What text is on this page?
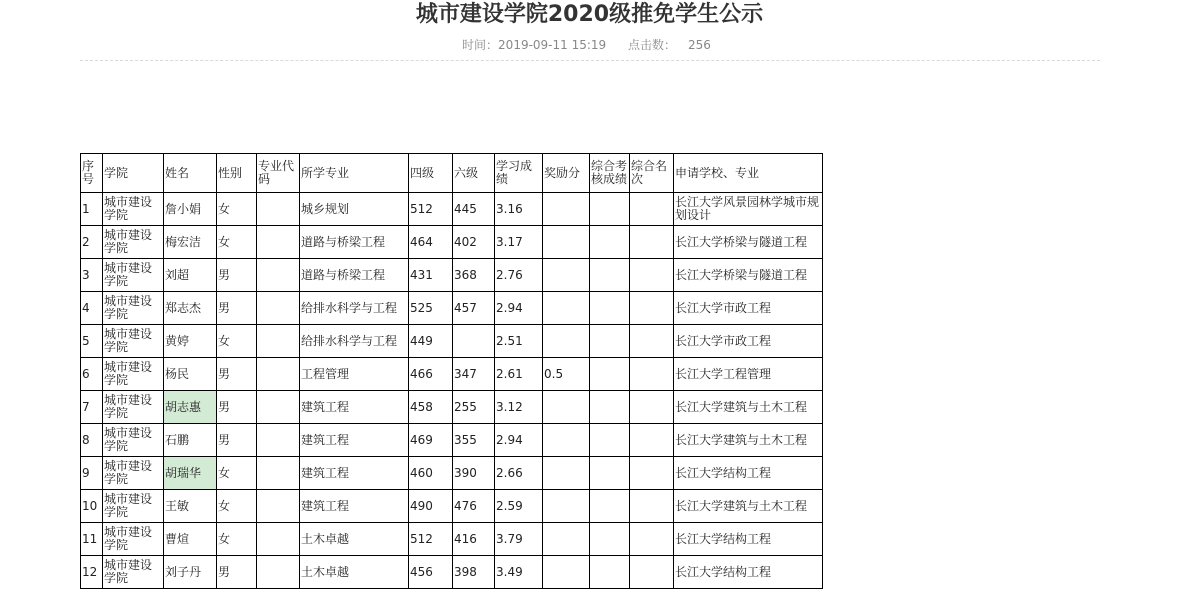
城市建设学院2020级推免学生公示
时间：2019-09-11 15:19 点击数： 256
序号	学院	姓名	性别	专业代码	所学专业	四级	六级	学习成绩	奖励分	综合考核成绩	综合名次	申请学校、专业
1	城市建设学院	詹小娟	女		城乡规划	512	445	3.16				长江大学风景园林学城市规划设计
2	城市建设学院	梅宏洁	女		道路与桥梁工程	464	402	3.17				长江大学桥梁与隧道工程
3	城市建设学院	刘超	男		道路与桥梁工程	431	368	2.76				长江大学桥梁与隧道工程
4	城市建设学院	郑志杰	男		给排水科学与工程	525	457	2.94				长江大学市政工程
5	城市建设学院	黄婷	女		给排水科学与工程	449		2.51				长江大学市政工程
6	城市建设学院	杨民	男		工程管理	466	347	2.61	0.5			长江大学工程管理
7	城市建设学院	胡志惠	男		建筑工程	458	255	3.12				长江大学建筑与土木工程
8	城市建设学院	石鹏	男		建筑工程	469	355	2.94				长江大学建筑与土木工程
9	城市建设学院	胡瑞华	女		建筑工程	460	390	2.66				长江大学结构工程
10	城市建设学院	王敏	女		建筑工程	490	476	2.59				长江大学建筑与土木工程
11	城市建设学院	曹煊	女		土木卓越	512	416	3.79				长江大学结构工程
12	城市建设学院	刘子丹	男		土木卓越	456	398	3.49				长江大学结构工程
